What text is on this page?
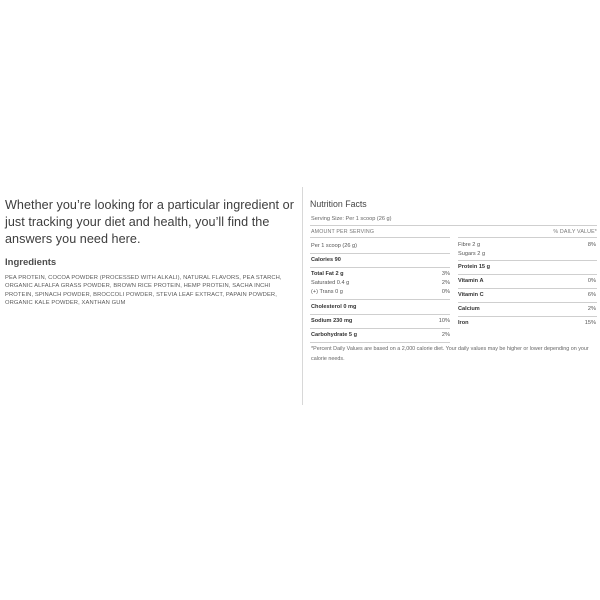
Whether you’re looking for a particular ingredient or just tracking your diet and health, you’ll find the answers you need here.

Ingredients

PEA PROTEIN, COCOA POWDER (PROCESSED WITH ALKALI), NATURAL FLAVORS, PEA STARCH, ORGANIC ALFALFA GRASS POWDER, BROWN RICE PROTEIN, HEMP PROTEIN, SACHA INCHI PROTEIN, SPINACH POWDER, BROCCOLI POWDER, STEVIA LEAF EXTRACT, PAPAIN POWDER, ORGANIC KALE POWDER, XANTHAN GUM

Nutrition Facts
Serving Size: Per 1 scoop (26 g)
AMOUNT PER SERVING	% DAILY VALUE*
Per 1 scoop (26 g)
Calories 90
Total Fat 2 g	3%
Saturated 0.4 g	2%
(+) Trans 0 g	0%
Cholesterol 0 mg
Sodium 230 mg	10%
Carbohydrate 5 g	2%
Fibre 2 g	8%
Sugars 2 g
Protein 15 g
Vitamin A	0%
Vitamin C	6%
Calcium	2%
Iron	15%

*Percent Daily Values are based on a 2,000 calorie diet. Your daily values may be higher or lower depending on your calorie needs.
